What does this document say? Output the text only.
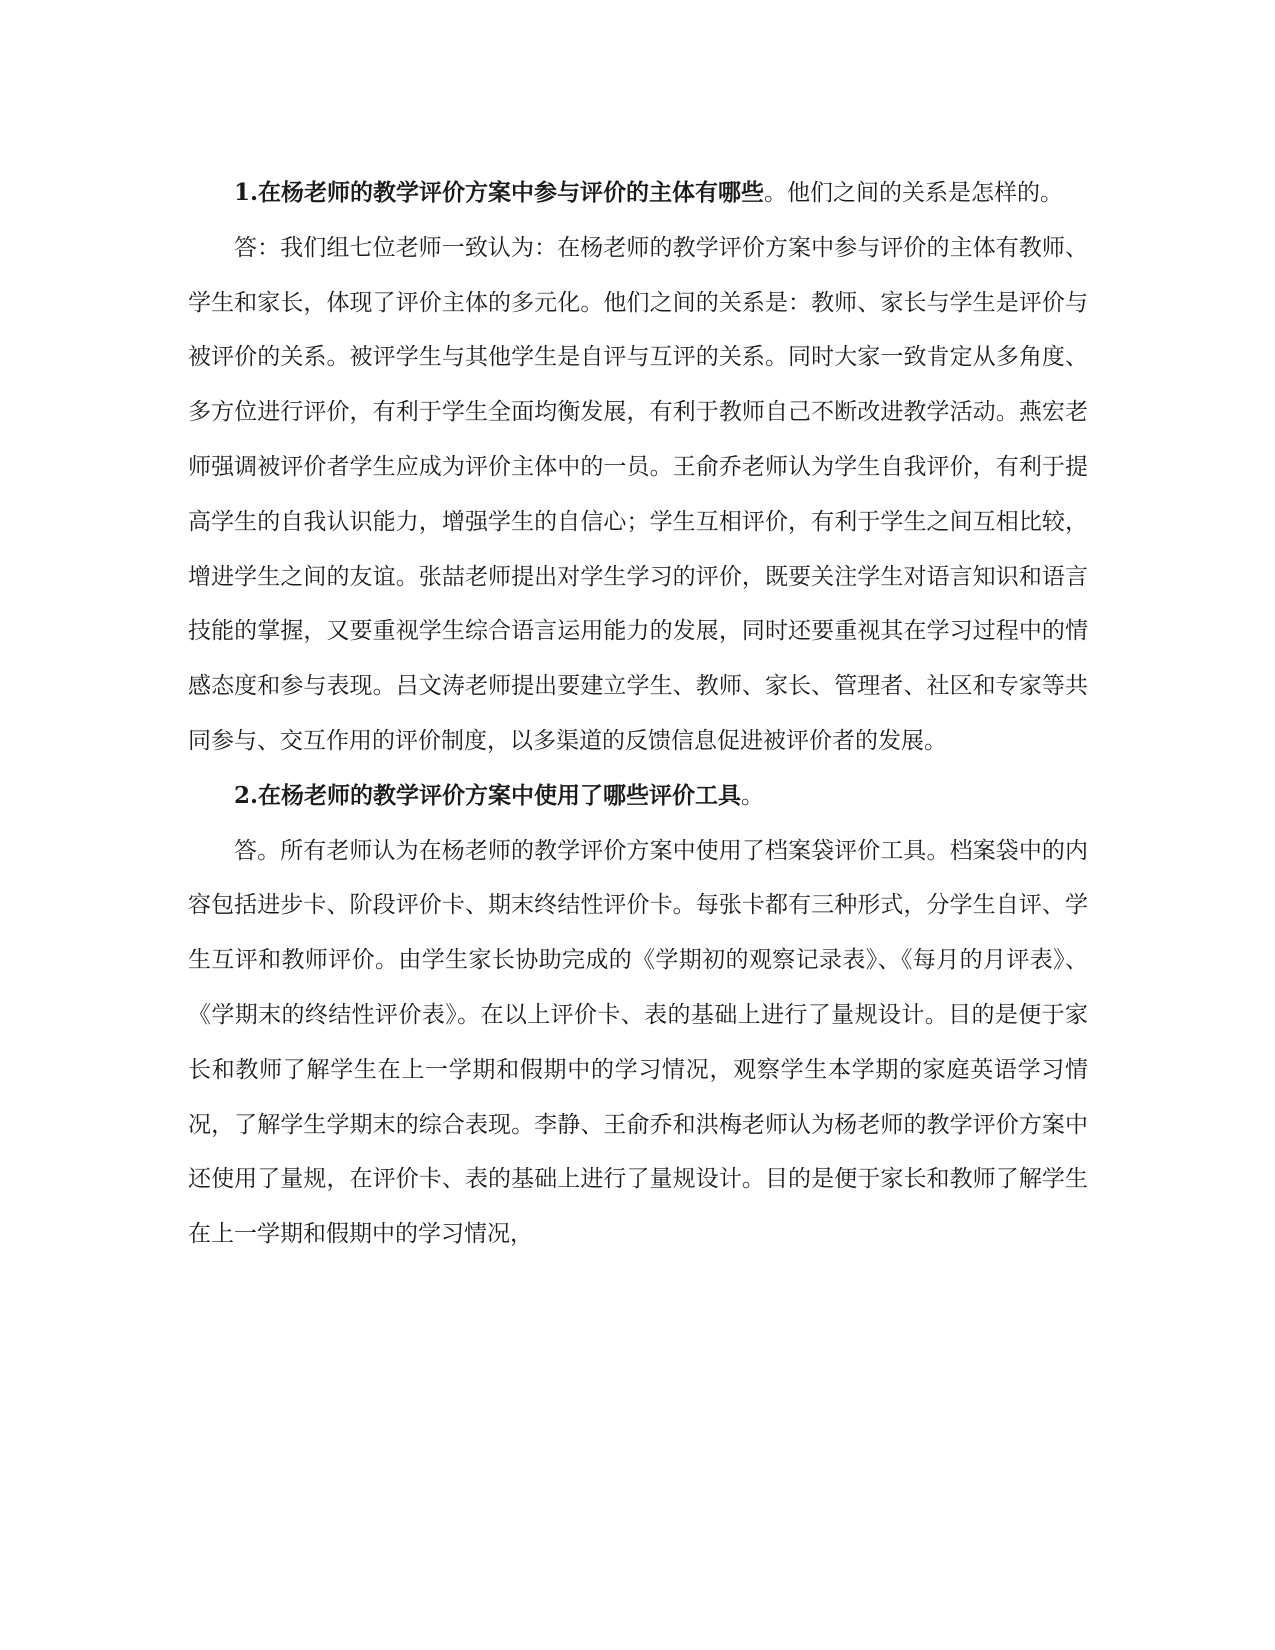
1.在杨老师的教学评价方案中参与评价的主体有哪些。他们之间的关系是怎样的。

答：我们组七位老师一致认为：在杨老师的教学评价方案中参与评价的主体有教师、学生和家长，体现了评价主体的多元化。他们之间的关系是：教师、家长与学生是评价与被评价的关系。被评学生与其他学生是自评与互评的关系。同时大家一致肯定从多角度、多方位进行评价，有利于学生全面均衡发展，有利于教师自己不断改进教学活动。燕宏老师强调被评价者学生应成为评价主体中的一员。王俞乔老师认为学生自我评价，有利于提高学生的自我认识能力，增强学生的自信心；学生互相评价，有利于学生之间互相比较，增进学生之间的友谊。张喆老师提出对学生学习的评价，既要关注学生对语言知识和语言技能的掌握，又要重视学生综合语言运用能力的发展，同时还要重视其在学习过程中的情感态度和参与表现。吕文涛老师提出要建立学生、教师、家长、管理者、社区和专家等共同参与、交互作用的评价制度，以多渠道的反馈信息促进被评价者的发展。

2.在杨老师的教学评价方案中使用了哪些评价工具。

答。所有老师认为在杨老师的教学评价方案中使用了档案袋评价工具。档案袋中的内容包括进步卡、阶段评价卡、期末终结性评价卡。每张卡都有三种形式，分学生自评、学生互评和教师评价。由学生家长协助完成的《学期初的观察记录表》、《每月的月评表》、《学期末的终结性评价表》。在以上评价卡、表的基础上进行了量规设计。目的是便于家长和教师了解学生在上一学期和假期中的学习情况，观察学生本学期的家庭英语学习情况，了解学生学期末的综合表现。李静、王俞乔和洪梅老师认为杨老师的教学评价方案中还使用了量规，在评价卡、表的基础上进行了量规设计。目的是便于家长和教师了解学生在上一学期和假期中的学习情况，
